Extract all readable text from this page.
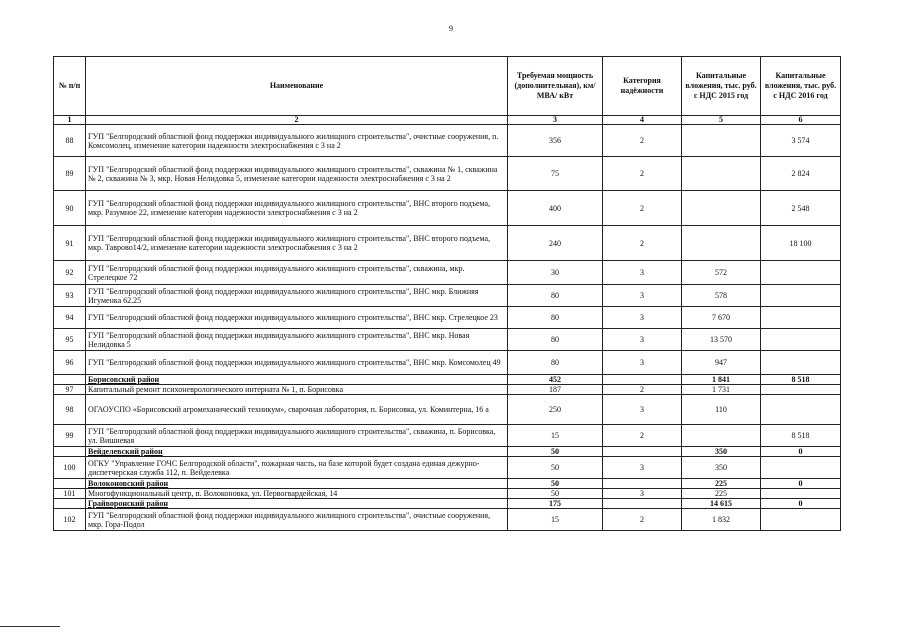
9
№ п/п	Наименование	Требуемая мощность (дополнительная), км/ МВА/ кВт	Категория надёжности	Капитальные вложения, тыс. руб. с НДС 2015 год	Капитальные вложения, тыс. руб. с НДС 2016 год
1	2	3	4	5	6
88	ГУП "Белгородский областной фонд поддержки индивидуального жилищного строительства", очистные сооружения, п. Комсомолец, изменение категории надежности электроснабжения с 3 на 2	356	2		3 574
89	ГУП "Белгородский областной фонд поддержки индивидуального жилищного строительства", скважина № 1, скважина № 2, скважина № 3, мкр. Новая Нелидовка 5, изменение категории надежности электроснабжения с 3 на 2	75	2		2 824
90	ГУП "Белгородский областной фонд поддержки индивидуального жилищного строительства", ВНС второго подъема, мкр. Разумное 22, изменение категории надежности электроснабжения с 3 на 2	400	2		2 548
91	ГУП "Белгородский областной фонд поддержки индивидуального жилищного строительства", ВНС второго подъема, мкр. Таврово14/2, изменение категории надежности электроснабжения с 3 на 2	240	2		18 100
92	ГУП "Белгородский областной фонд поддержки индивидуального жилищного строительства", скважина, мкр. Стрелецкое 72	30	3	572	
93	ГУП "Белгородский областной фонд поддержки индивидуального жилищного строительства", ВНС мкр. Ближняя Игуменка 62.25	80	3	578	
94	ГУП "Белгородский областной фонд поддержки индивидуального жилищного строительства", ВНС мкр. Стрелецкое 23	80	3	7 670	
95	ГУП "Белгородский областной фонд поддержки индивидуального жилищного строительства", ВНС мкр. Новая Нелидовка 5	80	3	13 570	
96	ГУП "Белгородский областной фонд поддержки индивидуального жилищного строительства", ВНС мкр. Комсомолец 49	80	3	947	
	Борисовский район	452		1 841	8 518
97	Капитальный ремонт психоневрологического интерната № 1, п. Борисовка	187	2	1 731	
98	ОГАОУСПО «Борисовский агромеханический техникум», сварочная лаборатория, п. Борисовка, ул. Коминтерна, 16 а	250	3	110	
99	ГУП "Белгородский областной фонд поддержки индивидуального жилищного строительства", скважина, п. Борисовка, ул. Вишневая	15	2		8 518
	Вейделевский район	50		350	0
100	ОГКУ "Управление ГОЧС Белгородской области", пожарная часть, на базе которой будет создана единая дежурно-диспетчерская служба 112, п. Вейделевка	50	3	350	
	Волоконовский район	50		225	0
101	Многофункциональный центр, п. Волоконовка, ул. Первогвардейская, 14	50	3	225	
	Грайворонский район	175		14 615	0
102	ГУП "Белгородский областной фонд поддержки индивидуального жилищного строительства", очистные сооружения, мкр. Гора-Подол	15	2	1 832	
